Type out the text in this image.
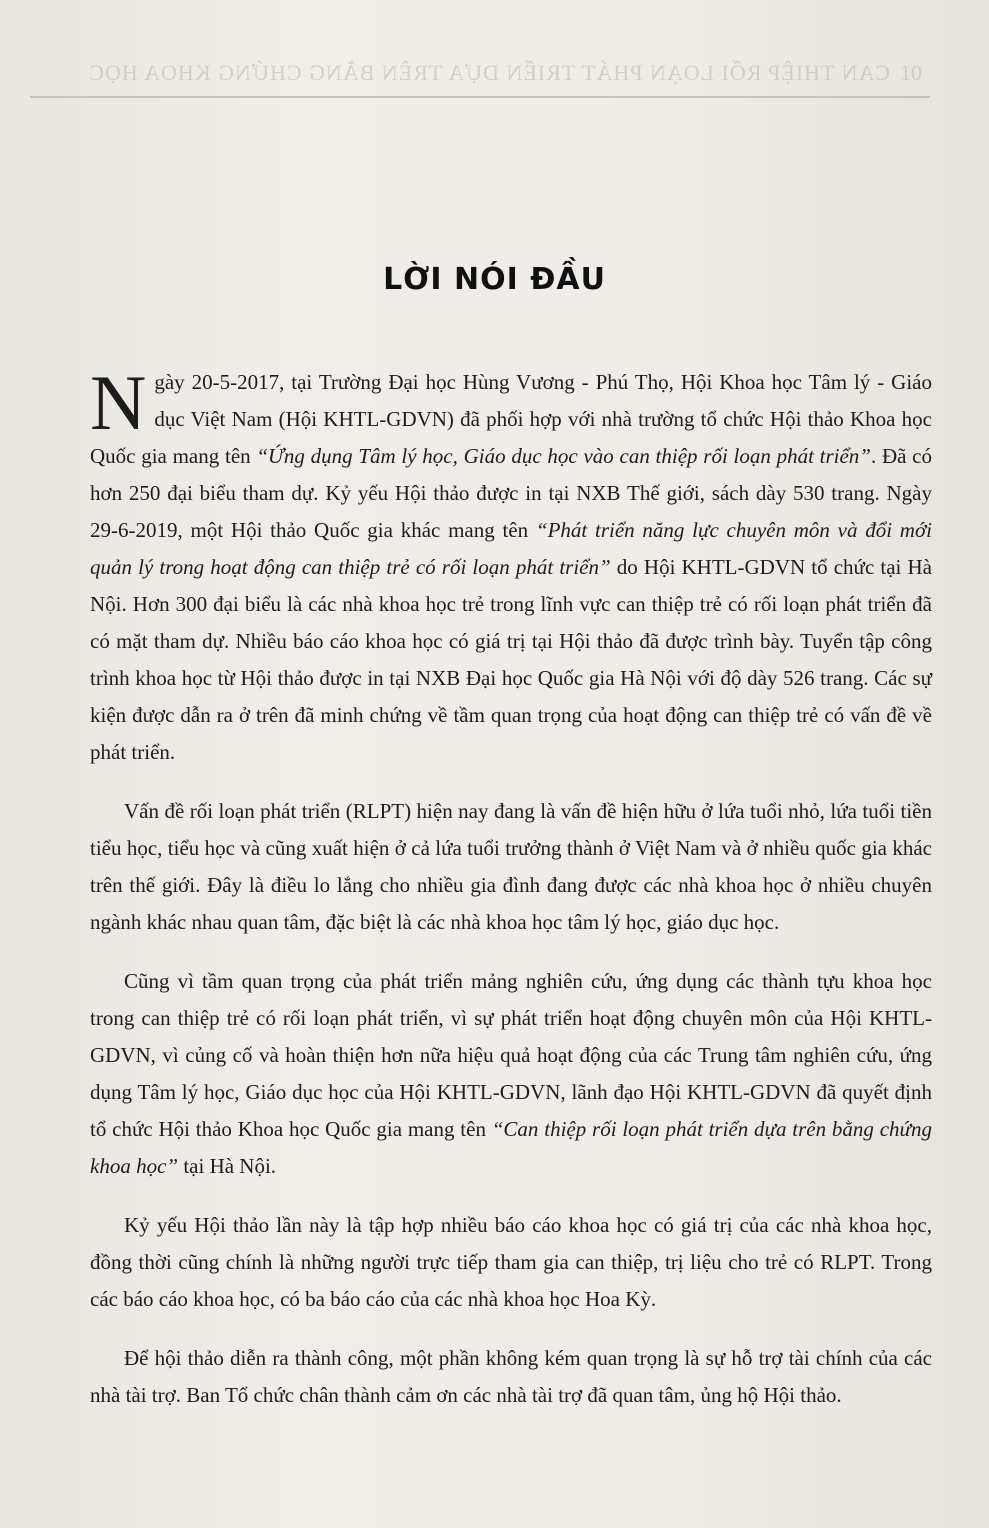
CAN THIỆP RỐI LOẠN PHÁT TRIỂN DỰA TRÊN BẰNG CHỨNG KHOA HỌC 10
LỜI NÓI ĐẦU

Ngày 20-5-2017, tại Trường Đại học Hùng Vương - Phú Thọ, Hội Khoa học Tâm lý - Giáo dục Việt Nam (Hội KHTL-GDVN) đã phối hợp với nhà trường tổ chức Hội thảo Khoa học Quốc gia mang tên “Ứng dụng Tâm lý học, Giáo dục học vào can thiệp rối loạn phát triển”. Đã có hơn 250 đại biểu tham dự. Kỷ yếu Hội thảo được in tại NXB Thế giới, sách dày 530 trang. Ngày 29-6-2019, một Hội thảo Quốc gia khác mang tên “Phát triển năng lực chuyên môn và đổi mới quản lý trong hoạt động can thiệp trẻ có rối loạn phát triển” do Hội KHTL-GDVN tổ chức tại Hà Nội. Hơn 300 đại biểu là các nhà khoa học trẻ trong lĩnh vực can thiệp trẻ có rối loạn phát triển đã có mặt tham dự. Nhiều báo cáo khoa học có giá trị tại Hội thảo đã được trình bày. Tuyển tập công trình khoa học từ Hội thảo được in tại NXB Đại học Quốc gia Hà Nội với độ dày 526 trang. Các sự kiện được dẫn ra ở trên đã minh chứng về tầm quan trọng của hoạt động can thiệp trẻ có vấn đề về phát triển.

Vấn đề rối loạn phát triển (RLPT) hiện nay đang là vấn đề hiện hữu ở lứa tuổi nhỏ, lứa tuổi tiền tiểu học, tiểu học và cũng xuất hiện ở cả lứa tuổi trưởng thành ở Việt Nam và ở nhiều quốc gia khác trên thế giới. Đây là điều lo lắng cho nhiều gia đình đang được các nhà khoa học ở nhiều chuyên ngành khác nhau quan tâm, đặc biệt là các nhà khoa học tâm lý học, giáo dục học.

Cũng vì tầm quan trọng của phát triển mảng nghiên cứu, ứng dụng các thành tựu khoa học trong can thiệp trẻ có rối loạn phát triển, vì sự phát triển hoạt động chuyên môn của Hội KHTL-GDVN, vì củng cố và hoàn thiện hơn nữa hiệu quả hoạt động của các Trung tâm nghiên cứu, ứng dụng Tâm lý học, Giáo dục học của Hội KHTL-GDVN, lãnh đạo Hội KHTL-GDVN đã quyết định tổ chức Hội thảo Khoa học Quốc gia mang tên “Can thiệp rối loạn phát triển dựa trên bằng chứng khoa học” tại Hà Nội.

Kỷ yếu Hội thảo lần này là tập hợp nhiều báo cáo khoa học có giá trị của các nhà khoa học, đồng thời cũng chính là những người trực tiếp tham gia can thiệp, trị liệu cho trẻ có RLPT. Trong các báo cáo khoa học, có ba báo cáo của các nhà khoa học Hoa Kỳ.

Để hội thảo diễn ra thành công, một phần không kém quan trọng là sự hỗ trợ tài chính của các nhà tài trợ. Ban Tổ chức chân thành cảm ơn các nhà tài trợ đã quan tâm, ủng hộ Hội thảo.
